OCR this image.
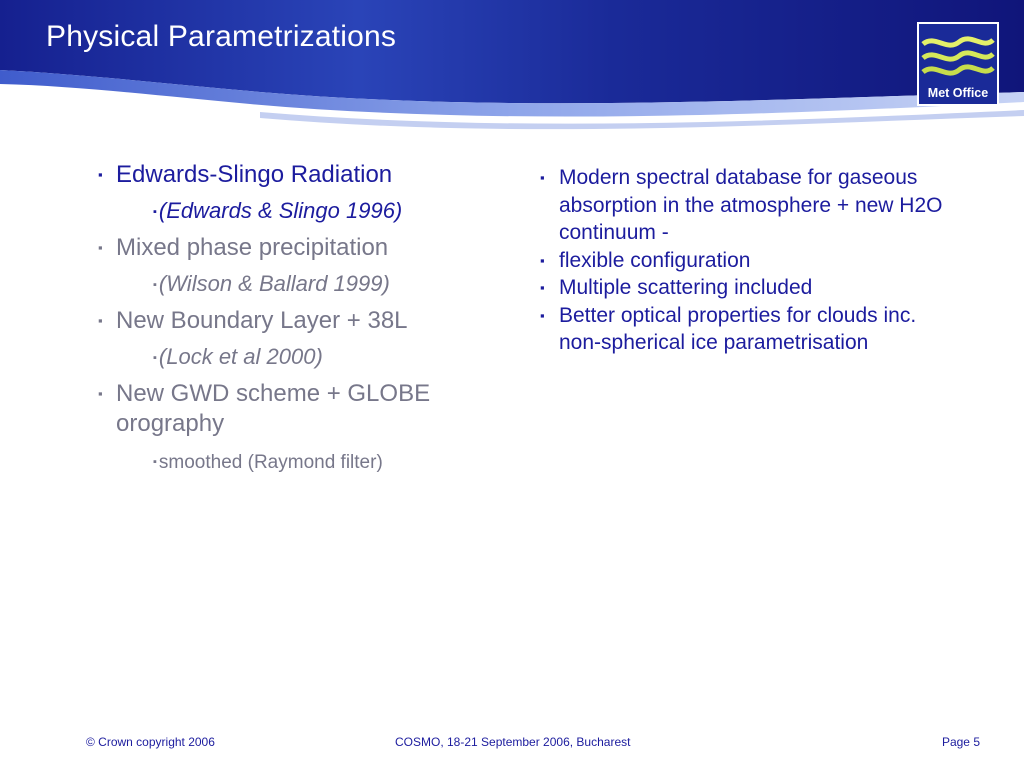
Physical Parametrizations
Met Office
▪ Edwards-Slingo Radiation
▪(Edwards & Slingo 1996)
▪ Mixed phase precipitation
▪(Wilson & Ballard 1999)
▪ New Boundary Layer + 38L
▪(Lock et al 2000)
▪ New GWD scheme + GLOBE orography
▪ smoothed (Raymond filter)
▪ Modern spectral database for gaseous absorption in the atmosphere + new H2O continuum -
▪ flexible configuration
▪ Multiple scattering included
▪ Better optical properties for clouds inc. non-spherical ice parametrisation
© Crown copyright 2006	COSMO, 18-21 September 2006, Bucharest	Page 5
